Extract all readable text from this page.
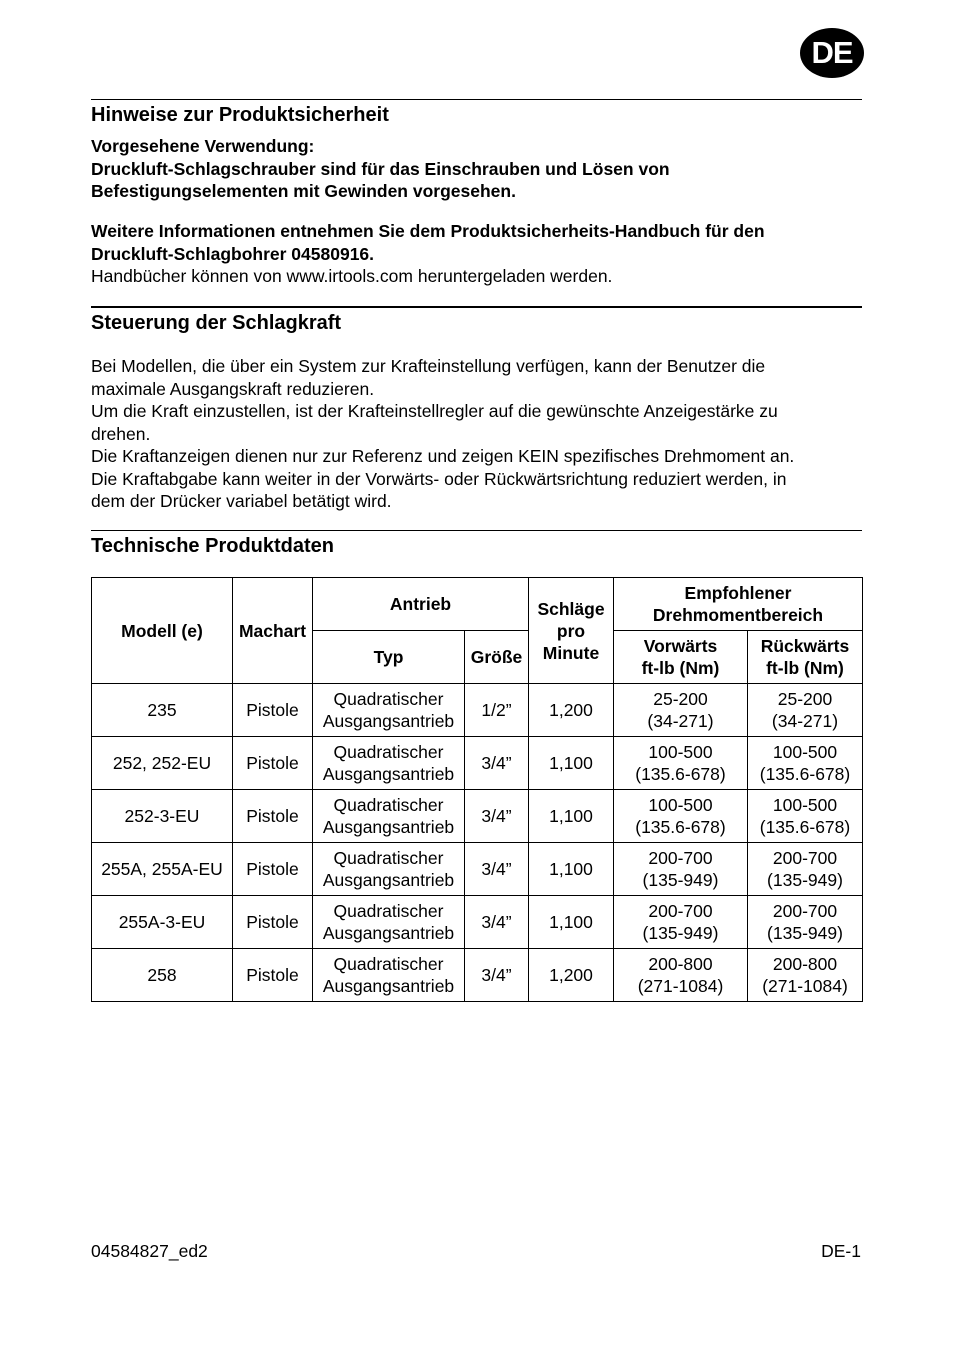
DE
Hinweise zur Produktsicherheit
Vorgesehene Verwendung:
Druckluft-Schlagschrauber sind für das Einschrauben und Lösen von
Befestigungselementen mit Gewinden vorgesehen.
Weitere Informationen entnehmen Sie dem Produktsicherheits-Handbuch für den
Druckluft-Schlagbohrer 04580916.
Handbücher können von www.irtools.com heruntergeladen werden.
Steuerung der Schlagkraft
Bei Modellen, die über ein System zur Krafteinstellung verfügen, kann der Benutzer die
maximale Ausgangskraft reduzieren.
Um die Kraft einzustellen, ist der Krafteinstellregler auf die gewünschte Anzeigestärke zu
drehen.
Die Kraftanzeigen dienen nur zur Referenz und zeigen KEIN spezifisches Drehmoment an.
Die Kraftabgabe kann weiter in der Vorwärts- oder Rückwärtsrichtung reduziert werden, in
dem der Drücker variabel betätigt wird.
Technische Produktdaten
Modell (e)	Machart	Antrieb		Schläge
pro
Minute	Empfohlener
Drehmomentbereich	

		Typ	Größe		Vorwärts
ft-lb (Nm)	Rückwärts
ft-lb (Nm)

235	Pistole	Quadratischer
Ausgangsantrieb	1/2”	1,200	25-200
(34-271)	25-200
(34-271)

252, 252-EU	Pistole	Quadratischer
Ausgangsantrieb	3/4”	1,100	100-500
(135.6-678)	100-500
(135.6-678)

252-3-EU	Pistole	Quadratischer
Ausgangsantrieb	3/4”	1,100	100-500
(135.6-678)	100-500
(135.6-678)

255A, 255A-EU	Pistole	Quadratischer
Ausgangsantrieb	3/4”	1,100	200-700
(135-949)	200-700
(135-949)

255A-3-EU	Pistole	Quadratischer
Ausgangsantrieb	3/4”	1,100	200-700
(135-949)	200-700
(135-949)

258	Pistole	Quadratischer
Ausgangsantrieb	3/4”	1,200	200-800
(271-1084)	200-800
(271-1084)
04584827_ed2	DE-1
